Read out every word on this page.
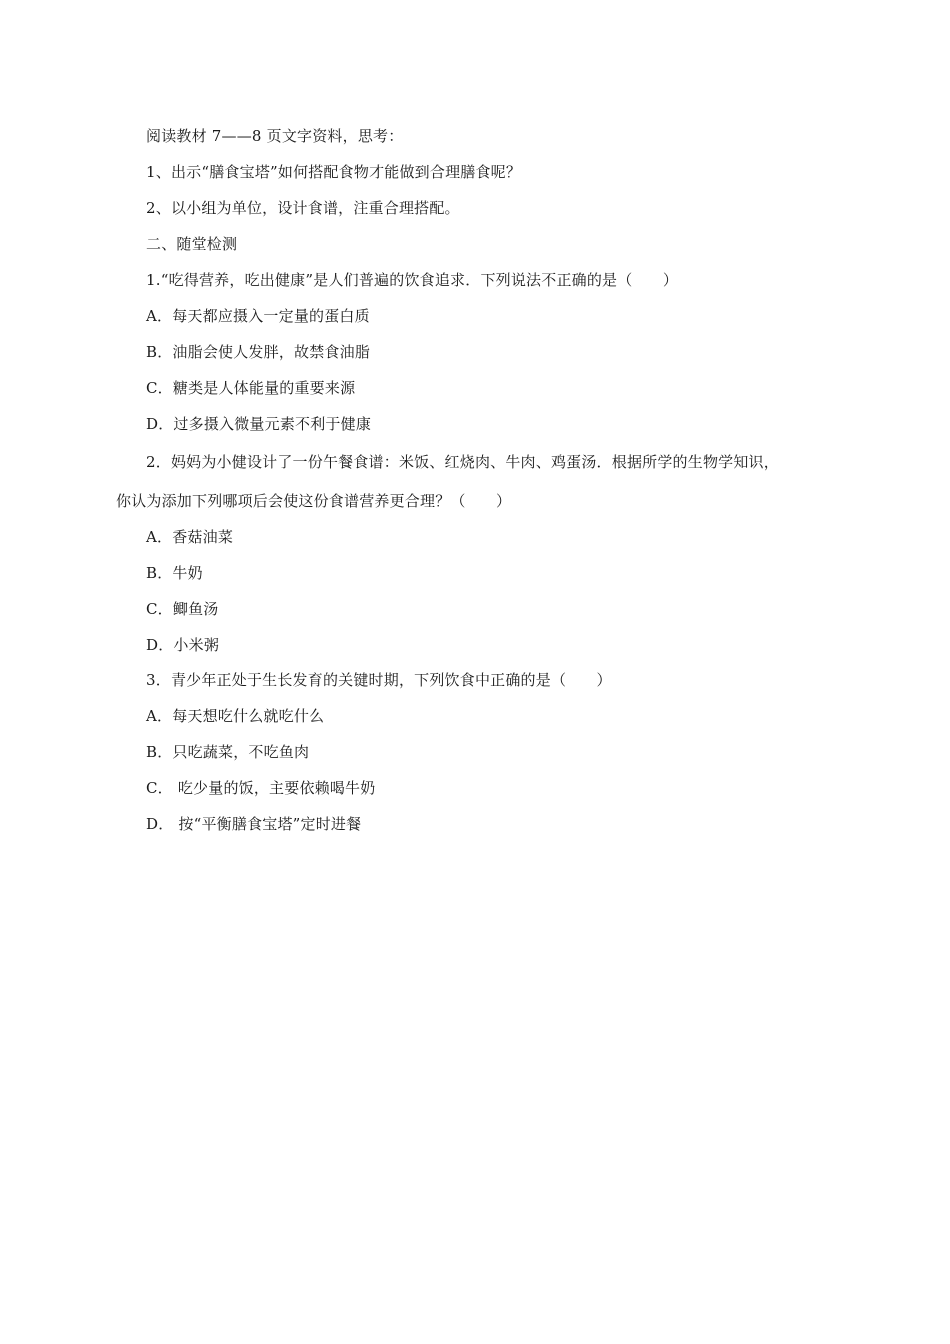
阅读教材 7——8 页文字资料，思考：
1、出示“膳食宝塔”如何搭配食物才能做到合理膳食呢？
2、以小组为单位，设计食谱，注重合理搭配。
二、随堂检测
1.“吃得营养，吃出健康”是人们普遍的饮食追求．下列说法不正确的是（　　）
A．每天都应摄入一定量的蛋白质
B．油脂会使人发胖，故禁食油脂
C．糖类是人体能量的重要来源
D．过多摄入微量元素不利于健康
2．妈妈为小健设计了一份午餐食谱：米饭、红烧肉、牛肉、鸡蛋汤．根据所学的生物学知识，
你认为添加下列哪项后会使这份食谱营养更合理？（　　）
A．香菇油菜
B．牛奶
C．鲫鱼汤
D．小米粥
3．青少年正处于生长发育的关键时期，下列饮食中正确的是（　　）
A．每天想吃什么就吃什么
B．只吃蔬菜，不吃鱼肉
C． 吃少量的饭，主要依赖喝牛奶
D． 按“平衡膳食宝塔”定时进餐
